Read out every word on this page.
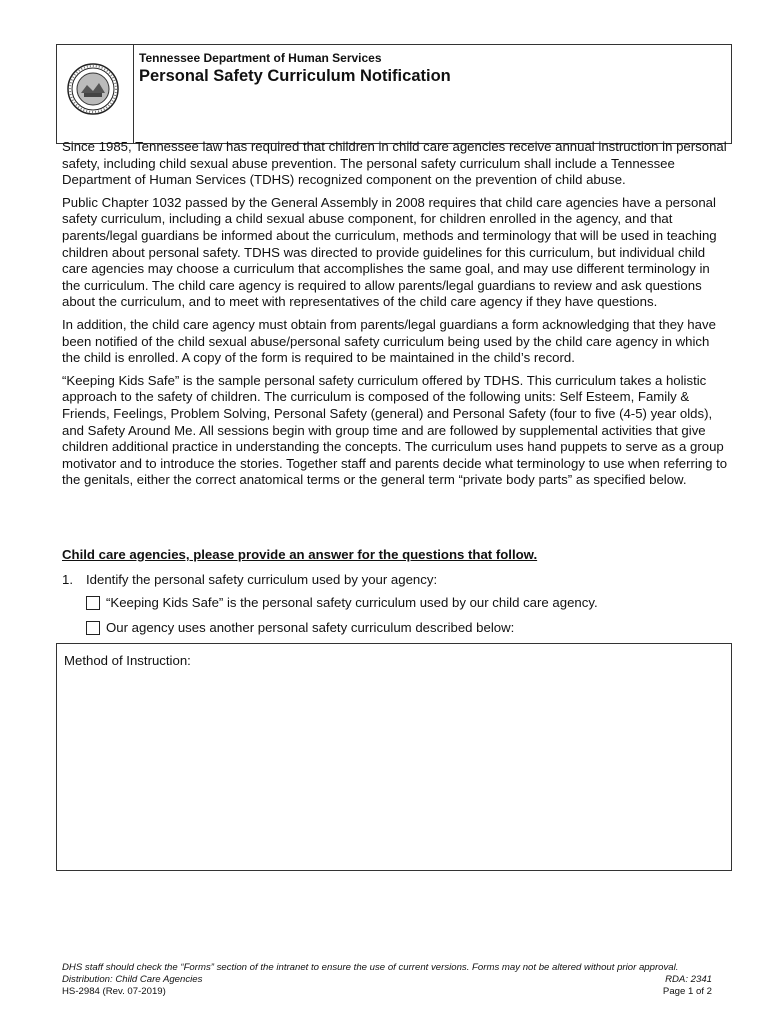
Tennessee Department of Human Services
Personal Safety Curriculum Notification

Since 1985, Tennessee law has required that children in child care agencies receive annual instruction in personal safety, including child sexual abuse prevention. The personal safety curriculum shall include a Tennessee Department of Human Services (TDHS) recognized component on the prevention of child abuse.

Public Chapter 1032 passed by the General Assembly in 2008 requires that child care agencies have a personal safety curriculum, including a child sexual abuse component, for children enrolled in the agency, and that parents/legal guardians be informed about the curriculum, methods and terminology that will be used in teaching children about personal safety. TDHS was directed to provide guidelines for this curriculum, but individual child care agencies may choose a curriculum that accomplishes the same goal, and may use different terminology in the curriculum. The child care agency is required to allow parents/legal guardians to review and ask questions about the curriculum, and to meet with representatives of the child care agency if they have questions.

In addition, the child care agency must obtain from parents/legal guardians a form acknowledging that they have been notified of the child sexual abuse/personal safety curriculum being used by the child care agency in which the child is enrolled. A copy of the form is required to be maintained in the child’s record.

“Keeping Kids Safe” is the sample personal safety curriculum offered by TDHS. This curriculum takes a holistic approach to the safety of children. The curriculum is composed of the following units: Self Esteem, Family & Friends, Feelings, Problem Solving, Personal Safety (general) and Personal Safety (four to five (4-5) year olds), and Safety Around Me. All sessions begin with group time and are followed by supplemental activities that give children additional practice in understanding the concepts. The curriculum uses hand puppets to serve as a group motivator and to introduce the stories. Together staff and parents decide what terminology to use when referring to the genitals, either the correct anatomical terms or the general term “private body parts” as specified below.

Child care agencies, please provide an answer for the questions that follow.
1. Identify the personal safety curriculum used by your agency:
“Keeping Kids Safe” is the personal safety curriculum used by our child care agency.
Our agency uses another personal safety curriculum described below:
Method of Instruction:
DHS staff should check the “Forms” section of the intranet to ensure the use of current versions. Forms may not be altered without prior approval.
Distribution: Child Care Agencies	RDA: 2341
HS-2984 (Rev. 07-2019)	Page 1 of 2
